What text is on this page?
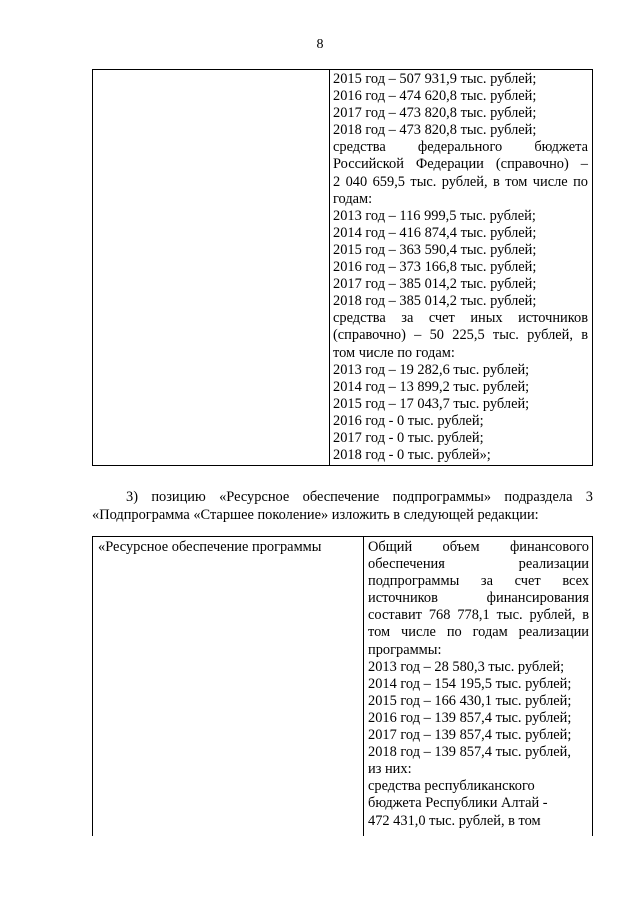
8
2015 год – 507 931,9 тыс. рублей;
2016 год – 474 620,8 тыс. рублей;
2017 год – 473 820,8 тыс. рублей;
2018 год – 473 820,8 тыс. рублей;
средства федерального бюджета
Российской Федерации (справочно) –
2 040 659,5 тыс. рублей, в том числе по
годам:
2013 год – 116 999,5 тыс. рублей;
2014 год – 416 874,4 тыс. рублей;
2015 год – 363 590,4 тыс. рублей;
2016 год – 373 166,8 тыс. рублей;
2017 год – 385 014,2 тыс. рублей;
2018 год – 385 014,2 тыс. рублей;
средства за счет иных источников
(справочно) – 50 225,5 тыс. рублей, в
том числе по годам:
2013 год – 19 282,6 тыс. рублей;
2014 год – 13 899,2 тыс. рублей;
2015 год – 17 043,7 тыс. рублей;
2016 год - 0 тыс. рублей;
2017 год - 0 тыс. рублей;
2018 год - 0 тыс. рублей»;
3) позицию «Ресурсное обеспечение подпрограммы» подраздела 3
«Подпрограмма «Старшее поколение» изложить в следующей редакции:
«Ресурсное обеспечение программы	Общий объем финансового
обеспечения реализации
подпрограммы за счет всех
источников финансирования
составит 768 778,1 тыс. рублей, в
том числе по годам реализации
программы:
2013 год – 28 580,3 тыс. рублей;
2014 год – 154 195,5 тыс. рублей;
2015 год – 166 430,1 тыс. рублей;
2016 год – 139 857,4 тыс. рублей;
2017 год – 139 857,4 тыс. рублей;
2018 год – 139 857,4 тыс. рублей,
из них:
средства республиканского
бюджета Республики Алтай -
472 431,0 тыс. рублей, в том
